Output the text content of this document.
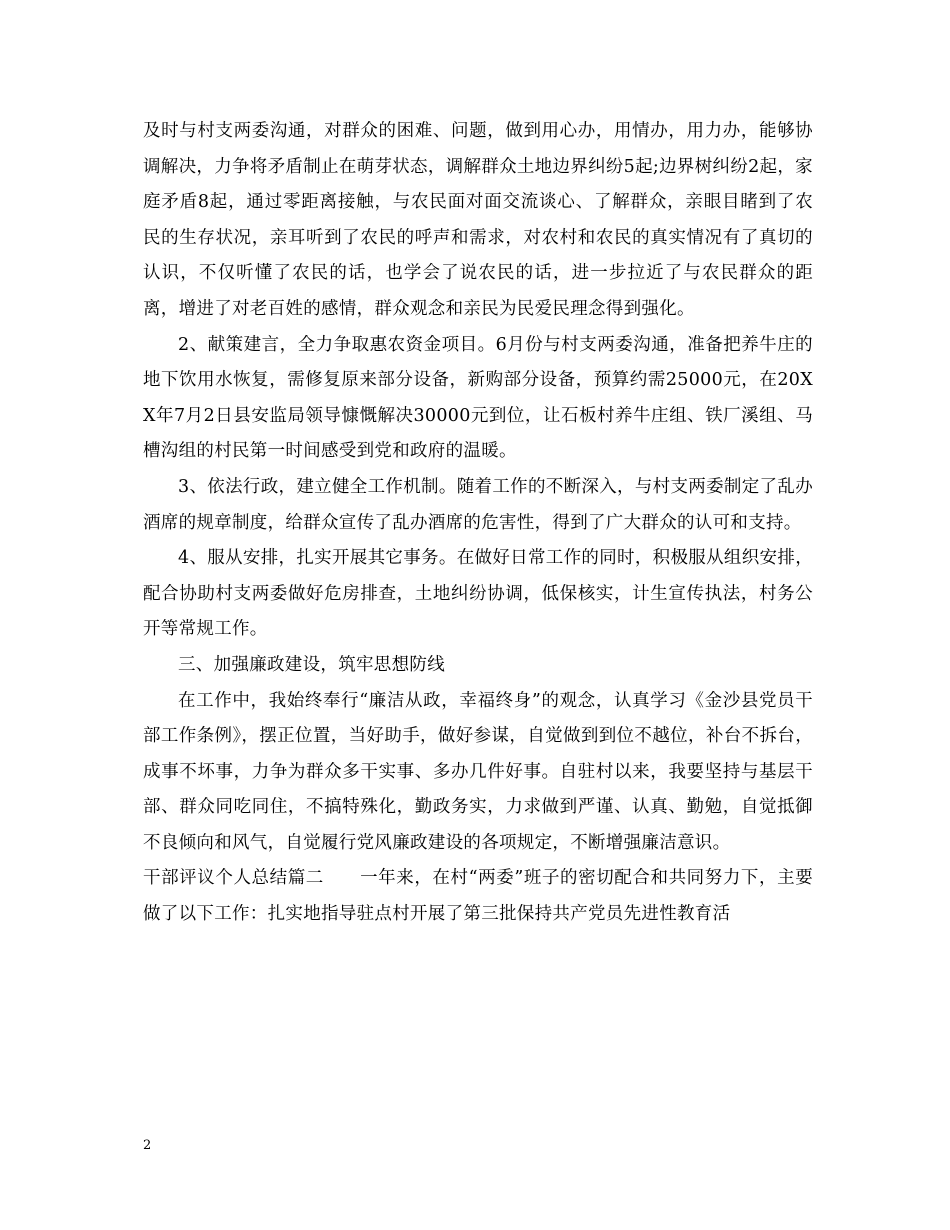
及时与村支两委沟通，对群众的困难、问题，做到用心办，用情办，用力办，能够协调解决，力争将矛盾制止在萌芽状态，调解群众土地边界纠纷5起;边界树纠纷2起，家庭矛盾8起，通过零距离接触，与农民面对面交流谈心、了解群众，亲眼目睹到了农民的生存状况，亲耳听到了农民的呼声和需求，对农村和农民的真实情况有了真切的认识，不仅听懂了农民的话，也学会了说农民的话，进一步拉近了与农民群众的距离，增进了对老百姓的感情，群众观念和亲民为民爱民理念得到强化。

2、献策建言，全力争取惠农资金项目。6月份与村支两委沟通，准备把养牛庄的地下饮用水恢复，需修复原来部分设备，新购部分设备，预算约需25000元，在20XX年7月2日县安监局领导慷慨解决30000元到位，让石板村养牛庄组、铁厂溪组、马槽沟组的村民第一时间感受到党和政府的温暖。

3、依法行政，建立健全工作机制。随着工作的不断深入，与村支两委制定了乱办酒席的规章制度，给群众宣传了乱办酒席的危害性，得到了广大群众的认可和支持。

4、服从安排，扎实开展其它事务。在做好日常工作的同时，积极服从组织安排，配合协助村支两委做好危房排查，土地纠纷协调，低保核实，计生宣传执法，村务公开等常规工作。

三、加强廉政建设，筑牢思想防线

在工作中，我始终奉行“廉洁从政，幸福终身”的观念，认真学习《金沙县党员干部工作条例》，摆正位置，当好助手，做好参谋，自觉做到到位不越位，补台不拆台，成事不坏事，力争为群众多干实事、多办几件好事。自驻村以来，我要坚持与基层干部、群众同吃同住，不搞特殊化，勤政务实，力求做到严谨、认真、勤勉，自觉抵御不良倾向和风气，自觉履行党风廉政建设的各项规定，不断增强廉洁意识。

干部评议个人总结篇二　　一年来，在村“两委”班子的密切配合和共同努力下，主要做了以下工作：扎实地指导驻点村开展了第三批保持共产党员先进性教育活

2
